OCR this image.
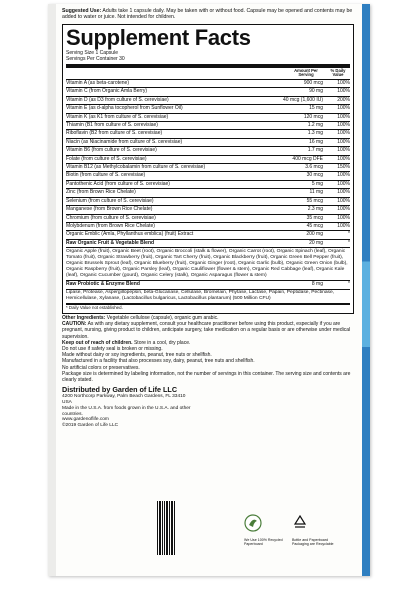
Suggested Use: Adults take 1 capsule daily. May be taken with or without food. Capsule may be opened and contents may be added to water or juice. Not intended for children.

Supplement Facts
Serving Size 1 Capsule
Servings Per Container 30
Amount Per Serving
% Daily Value
Vitamin A (as beta-carotene)	900 mcg	100%
Vitamin C (from Organic Amla Berry)	90 mg	100%
Vitamin D (as D3 from culture of S. cerevisiae)	40 mcg (1,600 IU)	200%
Vitamin E (as d-alpha tocopherol from Sunflower Oil)	15 mg	100%
Vitamin K (as K1 from culture of S. cerevisiae)	120 mcg	100%
Thiamin (B1 from culture of S. cerevisiae)	1.2 mg	100%
Riboflavin (B2 from culture of S. cerevisiae)	1.3 mg	100%
Niacin (as Niacinamide from culture of S. cerevisiae)	16 mg	100%
Vitamin B6 (from culture of S. cerevisiae)	1.7 mg	100%
Folate (from culture of S. cerevisiae)	400 mcg DFE	100%
Vitamin B12 (as Methylcobalamin from culture of S. cerevisiae)	3.6 mcg	150%
Biotin (from culture of S. cerevisiae)	30 mcg	100%
Pantothenic Acid (from culture of S. cerevisiae)	5 mg	100%
Zinc (from Brown Rice Chelate)	11 mg	100%
Selenium (from culture of S. cerevisiae)	55 mcg	100%
Manganese (from Brown Rice Chelate)	2.3 mg	100%
Chromium (from culture of S. cerevisiae)	35 mcg	100%
Molybdenum (from Brown Rice Chelate)	45 mcg	100%
Organic Emblic (Amla, Phyllanthus emblica) (fruit) Extract	200 mg	*
Raw Organic Fruit & Vegetable Blend	20 mg	*
Organic Apple (fruit), Organic Beet (root), Organic Broccoli (stalk & flower), Organic Carrot (root), Organic Spinach (leaf), Organic Tomato (fruit), Organic Strawberry (fruit), Organic Tart Cherry (fruit), Organic Blackberry (fruit), Organic Green Bell Pepper (fruit), Organic Brussels Sprout (leaf), Organic Blueberry (fruit), Organic Ginger (root), Organic Garlic (bulb), Organic Green Onion (bulb), Organic Raspberry (fruit), Organic Parsley (leaf), Organic Cauliflower (flower & stem), Organic Red Cabbage (leaf), Organic Kale (leaf), Organic Cucumber (gourd), Organic Celery (stalk), Organic Asparagus (flower & stem)
Raw Probiotic & Enzyme Blend	8 mg	*
Lipase, Protease, Aspergillopepsin, beta-Glucanase, Cellulase, Bromelain, Phytase, Lactase, Papain, Peptidase, Pectinase, Hemicellulase, Xylanase, (Lactobacillus bulgaricus, Lactobacillus plantarum) (500 Million CFU)
* Daily Value not established.
Other Ingredients: Vegetable cellulose (capsule), organic gum arabic.
CAUTION: As with any dietary supplement, consult your healthcare practitioner before using this product, especially if you are pregnant, nursing, giving product to children, anticipate surgery, take medication on a regular basis or are otherwise under medical supervision.
Keep out of reach of children. Store in a cool, dry place.
Do not use if safety seal is broken or missing.
Made without dairy or soy ingredients, peanut, tree nuts or shellfish.
Manufactured in a facility that also processes soy, dairy, peanut, tree nuts and shellfish.
No artificial colors or preservatives.
Package size is determined by labeling information, not the number of servings in this container. The serving size and contents are clearly stated.
Distributed by Garden of Life LLC
4200 Northcorp Parkway, Palm Beach Gardens, FL 33410 USA
Made in the U.S.A. from foods grown in the U.S.A. and other countries.
www.gardenoflife.com
©2019 Garden of Life LLC
We Use 100% Recycled Paperboard
Bottle and Paperboard Packaging are Recyclable
